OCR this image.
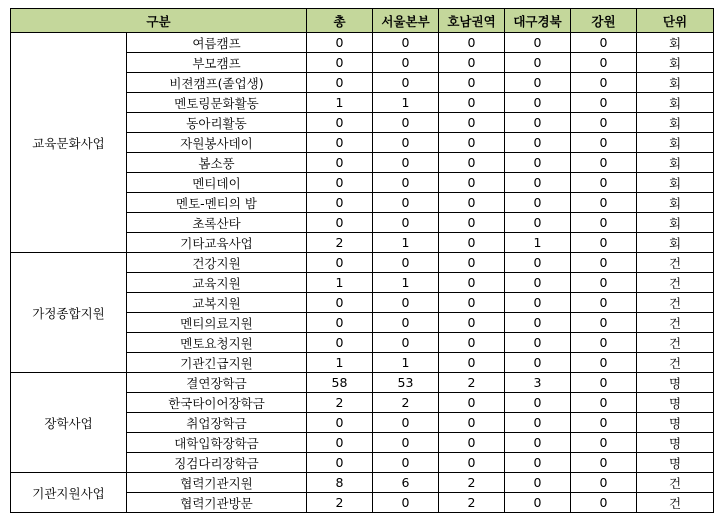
구분		총	서울본부	호남권역	대구경북	강원	단위
교육문화사업	여름캠프	0	0	0	0	0	회
	부모캠프	0	0	0	0	0	회
	비젼캠프(졸업생)	0	0	0	0	0	회
	멘토링문화활동	1	1	0	0	0	회
	동아리활동	0	0	0	0	0	회
	자원봉사데이	0	0	0	0	0	회
	봄소풍	0	0	0	0	0	회
	멘티데이	0	0	0	0	0	회
	멘토-멘티의 밤	0	0	0	0	0	회
	초록산타	0	0	0	0	0	회
	기타교육사업	2	1	0	1	0	회
가정종합지원	건강지원	0	0	0	0	0	건
	교육지원	1	1	0	0	0	건
	교복지원	0	0	0	0	0	건
	멘티의료지원	0	0	0	0	0	건
	멘토요청지원	0	0	0	0	0	건
	기관긴급지원	1	1	0	0	0	건
장학사업	결연장학금	58	53	2	3	0	명
	한국타이어장학금	2	2	0	0	0	명
	취업장학금	0	0	0	0	0	명
	대학입학장학금	0	0	0	0	0	명
	징검다리장학금	0	0	0	0	0	명
기관지원사업	협력기관지원	8	6	2	0	0	건
	협력기관방문	2	0	2	0	0	건
